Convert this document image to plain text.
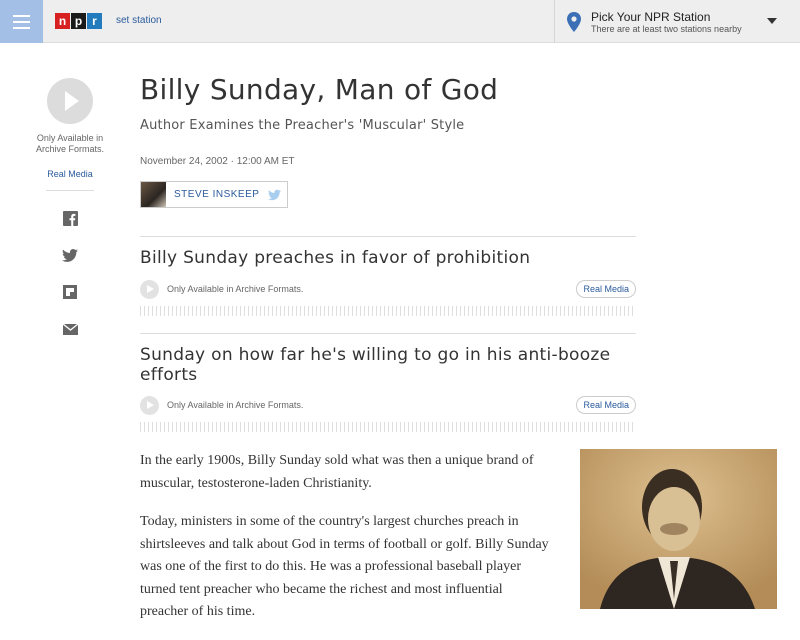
n p r	set station	Pick Your NPR Station
There are at least two stations nearby
Only Available in Archive Formats.
Real Media
Billy Sunday, Man of God
Author Examines the Preacher's 'Muscular' Style
November 24, 2002 · 12:00 AM ET
STEVE INSKEEP
Billy Sunday preaches in favor of prohibition
Only Available in Archive Formats.	Real Media
Sunday on how far he's willing to go in his anti-booze efforts
Only Available in Archive Formats.	Real Media

In the early 1900s, Billy Sunday sold what was then a unique brand of muscular, testosterone-laden Christianity.

Today, ministers in some of the country's largest churches preach in shirtsleeves and talk about God in terms of football or golf. Billy Sunday was one of the first to do this. He was a professional baseball player turned tent preacher who became the richest and most influential preacher of his time.
